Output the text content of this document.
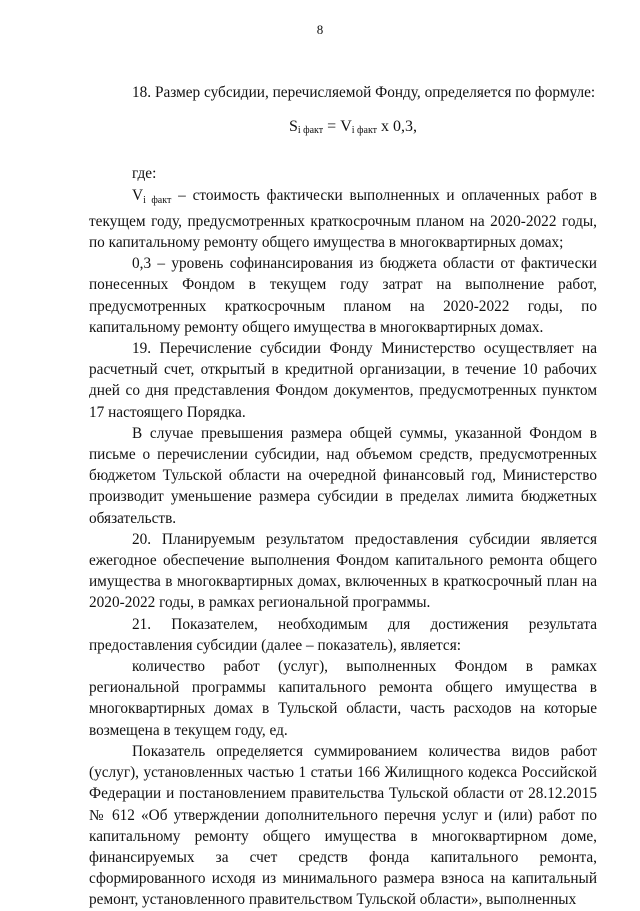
8

18. Размер субсидии, перечисляемой Фонду, определяется по формуле:

$S_{i факт} = V_{i факт}$ х 0,3,

где:

Vi факт – стоимость фактически выполненных и оплаченных работ в текущем году, предусмотренных краткосрочным планом на 2020-2022 годы, по капитальному ремонту общего имущества в многоквартирных домах;

0,3 – уровень софинансирования из бюджета области от фактически понесенных Фондом в текущем году затрат на выполнение работ, предусмотренных краткосрочным планом на 2020-2022 годы, по капитальному ремонту общего имущества в многоквартирных домах.

19. Перечисление субсидии Фонду Министерство осуществляет на расчетный счет, открытый в кредитной организации, в течение 10 рабочих дней со дня представления Фондом документов, предусмотренных пунктом 17 настоящего Порядка.

В случае превышения размера общей суммы, указанной Фондом в письме о перечислении субсидии, над объемом средств, предусмотренных бюджетом Тульской области на очередной финансовый год, Министерство производит уменьшение размера субсидии в пределах лимита бюджетных обязательств.

20. Планируемым результатом предоставления субсидии является ежегодное обеспечение выполнения Фондом капитального ремонта общего имущества в многоквартирных домах, включенных в краткосрочный план на 2020-2022 годы, в рамках региональной программы.

21. Показателем, необходимым для достижения результата предоставления субсидии (далее – показатель), является:

количество работ (услуг), выполненных Фондом в рамках региональной программы капитального ремонта общего имущества в многоквартирных домах в Тульской области, часть расходов на которые возмещена в текущем году, ед.

Показатель определяется суммированием количества видов работ (услуг), установленных частью 1 статьи 166 Жилищного кодекса Российской Федерации и постановлением правительства Тульской области от 28.12.2015 № 612 «Об утверждении дополнительного перечня услуг и (или) работ по капитальному ремонту общего имущества в многоквартирном доме, финансируемых за счет средств фонда капитального ремонта, сформированного исходя из минимального размера взноса на капитальный ремонт, установленного правительством Тульской области», выполненных
